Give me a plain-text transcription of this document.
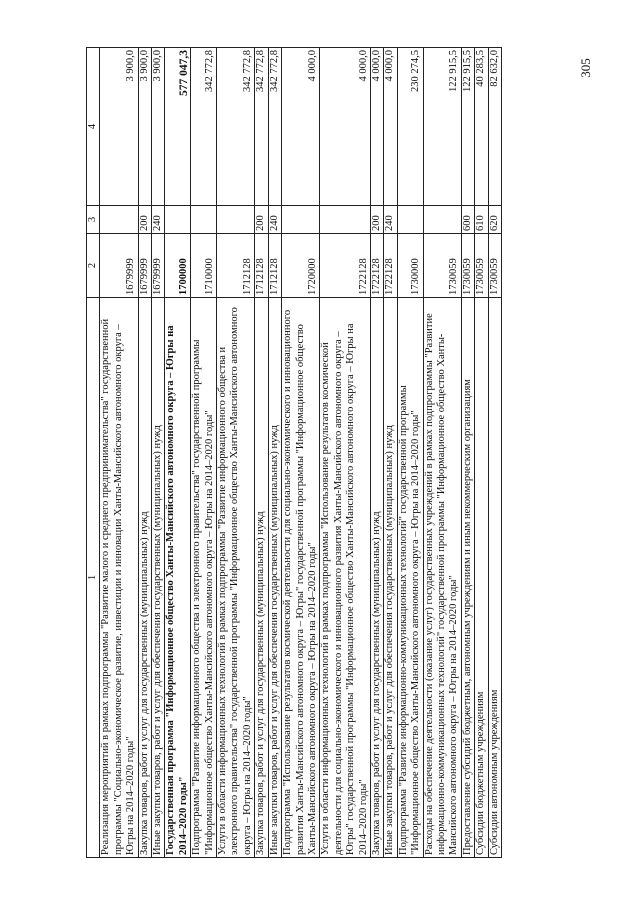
305
1	2	3	4
Реализация мероприятий в рамках подпрограммы "Развитие малого и среднего предпринимательства" государственной программы "Социально-экономическое развитие, инвестиции и инновации Ханты-Мансийского автономного округа – Югры на 2014–2020 годы"	1679999		3 900,0
Закупка товаров, работ и услуг для государственных (муниципальных) нужд	1679999	200	3 900,0
Иные закупки товаров, работ и услуг для обеспечения государственных (муниципальных) нужд	1679999	240	3 900,0
Государственная программа "Информационное общество Ханты-Мансийского автономного округа – Югры на 2014–2020 годы"	1700000		577 047,3
Подпрограмма "Развитие информационного общества и электронного правительства" государственной программы "Информационное общество Ханты-Мансийского автономного округа – Югры на 2014–2020 годы"	1710000		342 772,8
Услуги в области информационных технологий в рамках подпрограммы "Развитие информационного общества и электронного правительства" государственной программы "Информационное общество Ханты-Мансийского автономного округа – Югры на 2014–2020 годы"	1712128		342 772,8
Закупка товаров, работ и услуг для государственных (муниципальных) нужд	1712128	200	342 772,8
Иные закупки товаров, работ и услуг для обеспечения государственных (муниципальных) нужд	1712128	240	342 772,8
Подпрограмма "Использование результатов космической деятельности для социально-экономического и инновационного развития Ханты-Мансийского автономного округа – Югры" государственной программы "Информационное общество Ханты-Мансийского автономного округа – Югры на 2014–2020 годы"	1720000		4 000,0
Услуги в области информационных технологий в рамках подпрограммы "Использование результатов космической деятельности для социально-экономического и инновационного развития Ханты-Мансийского автономного округа – Югры" государственной программы "Информационное общество Ханты-Мансийского автономного округа – Югры на 2014–2020 годы"	1722128		4 000,0
Закупка товаров, работ и услуг для государственных (муниципальных) нужд	1722128	200	4 000,0
Иные закупки товаров, работ и услуг для обеспечения государственных (муниципальных) нужд	1722128	240	4 000,0
Подпрограмма "Развитие информационно-коммуникационных технологий" государственной программы "Информационное общество Ханты-Мансийского автономного округа – Югры на 2014–2020 годы"	1730000		230 274,5
Расходы на обеспечение деятельности (оказание услуг) государственных учреждений в рамках подпрограммы "Развитие информационно-коммуникационных технологий" государственной программы "Информационное общество Ханты-Мансийского автономного округа – Югры на 2014–2020 годы"	1730059		122 915,5
Предоставление субсидий бюджетным, автономным учреждениям и иным некоммерческим организациям	1730059	600	122 915,5
Субсидии бюджетным учреждениям	1730059	610	40 283,5
Субсидии автономным учреждениям	1730059	620	82 632,0
